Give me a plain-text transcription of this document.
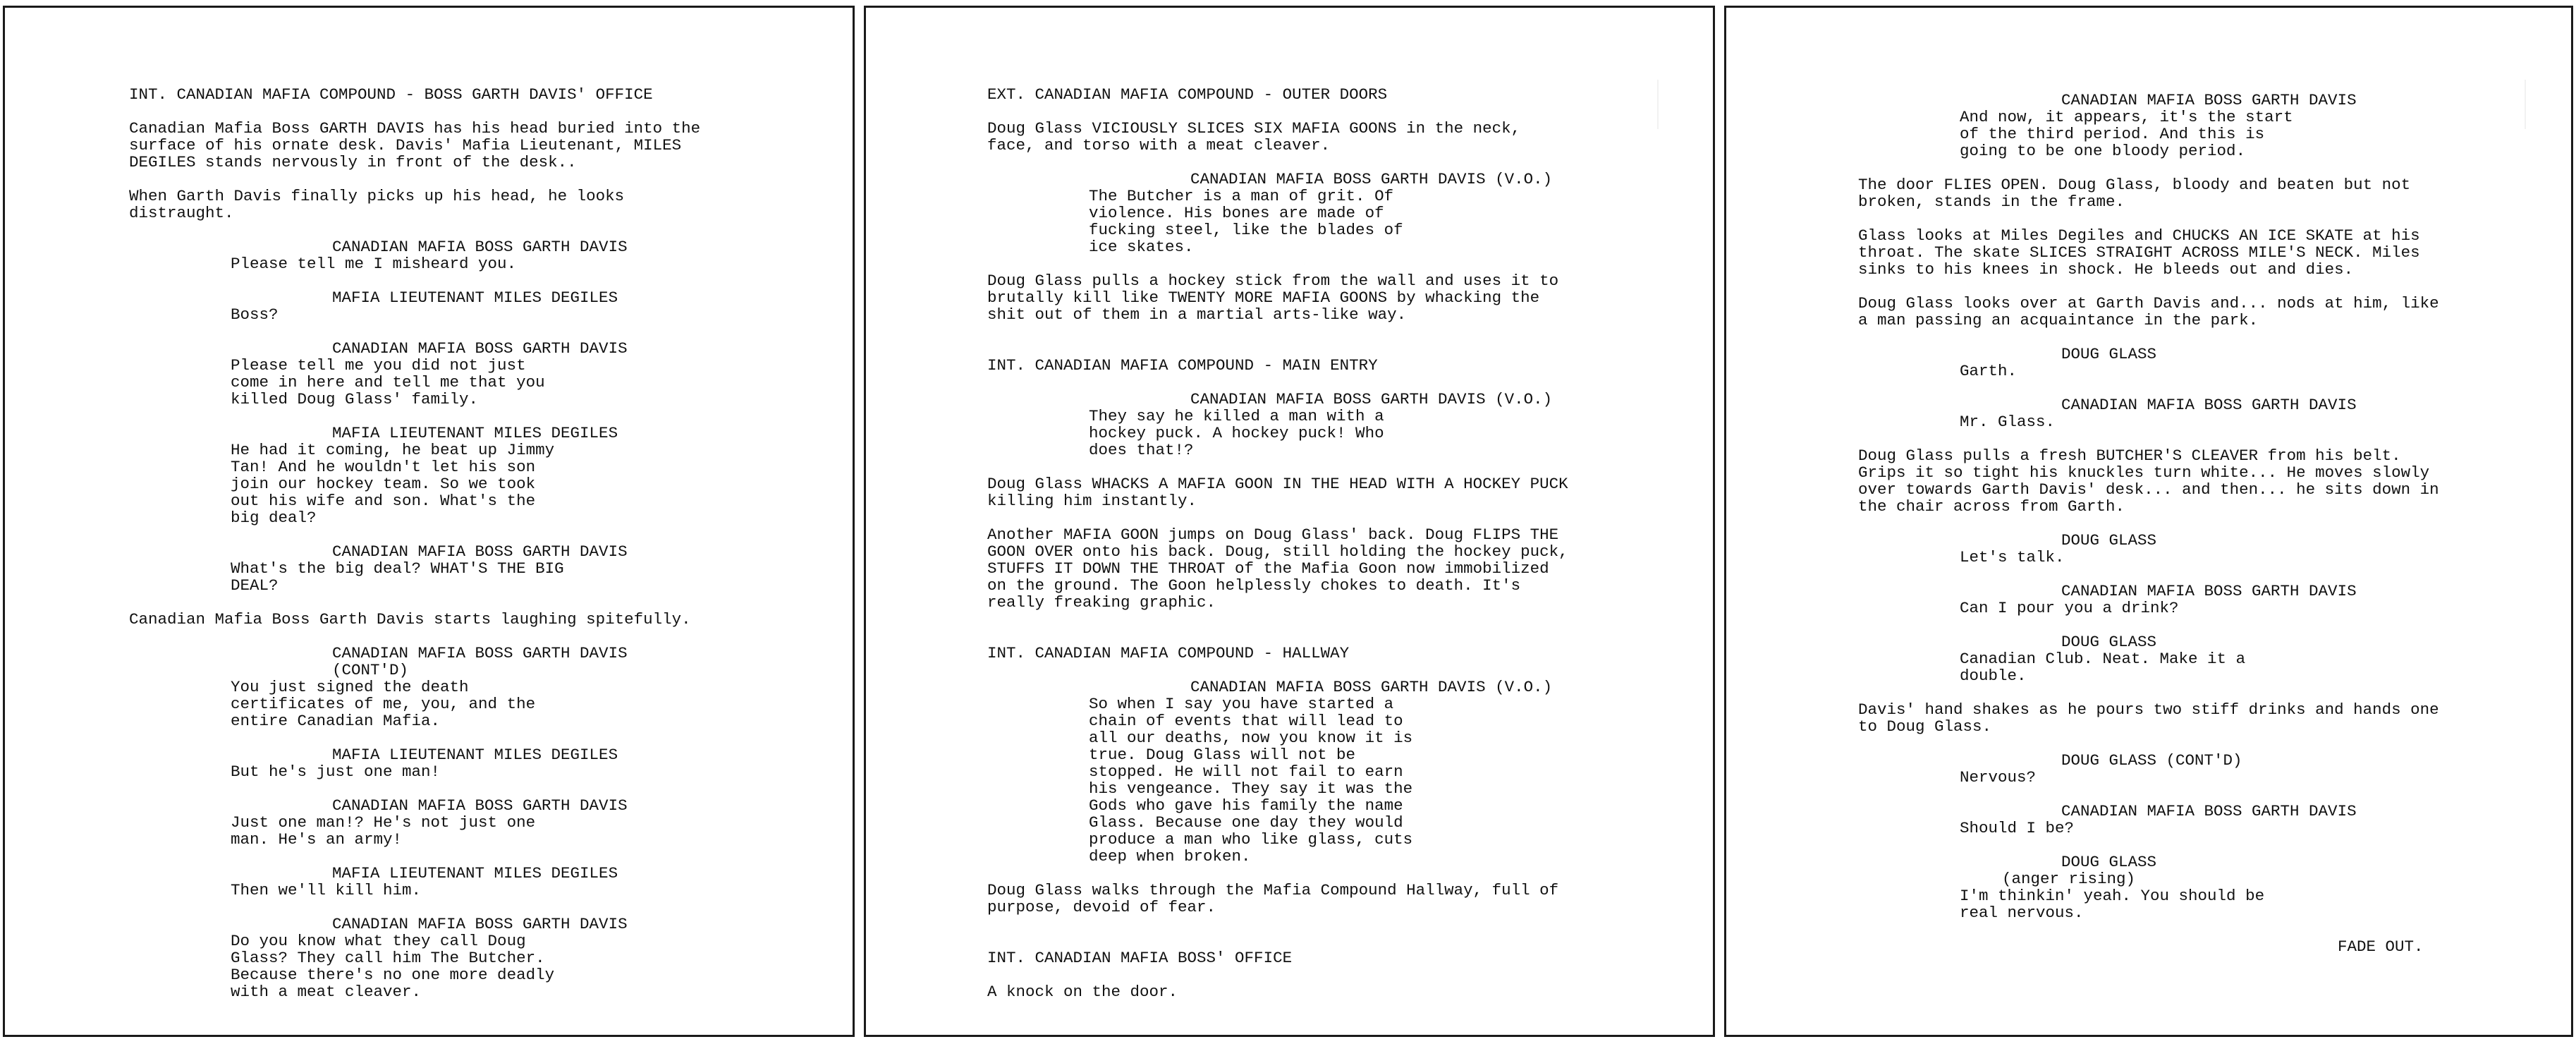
INT. CANADIAN MAFIA COMPOUND - BOSS GARTH DAVIS' OFFICE
Canadian Mafia Boss GARTH DAVIS has his head buried into the
surface of his ornate desk. Davis' Mafia Lieutenant, MILES
DEGILES stands nervously in front of the desk..
When Garth Davis finally picks up his head, he looks
distraught.
CANADIAN MAFIA BOSS GARTH DAVIS
Please tell me I misheard you.
MAFIA LIEUTENANT MILES DEGILES
Boss?
CANADIAN MAFIA BOSS GARTH DAVIS
Please tell me you did not just
come in here and tell me that you
killed Doug Glass' family.
MAFIA LIEUTENANT MILES DEGILES
He had it coming, he beat up Jimmy
Tan! And he wouldn't let his son
join our hockey team. So we took
out his wife and son. What's the
big deal?
CANADIAN MAFIA BOSS GARTH DAVIS
What's the big deal? WHAT'S THE BIG
DEAL?
Canadian Mafia Boss Garth Davis starts laughing spitefully.
CANADIAN MAFIA BOSS GARTH DAVIS
(CONT'D)
You just signed the death
certificates of me, you, and the
entire Canadian Mafia.
MAFIA LIEUTENANT MILES DEGILES
But he's just one man!
CANADIAN MAFIA BOSS GARTH DAVIS
Just one man!? He's not just one
man. He's an army!
MAFIA LIEUTENANT MILES DEGILES
Then we'll kill him.
CANADIAN MAFIA BOSS GARTH DAVIS
Do you know what they call Doug
Glass? They call him The Butcher.
Because there's no one more deadly
with a meat cleaver.
EXT. CANADIAN MAFIA COMPOUND - OUTER DOORS
Doug Glass VICIOUSLY SLICES SIX MAFIA GOONS in the neck,
face, and torso with a meat cleaver.
CANADIAN MAFIA BOSS GARTH DAVIS (V.O.)
The Butcher is a man of grit. Of
violence. His bones are made of
fucking steel, like the blades of
ice skates.
Doug Glass pulls a hockey stick from the wall and uses it to
brutally kill like TWENTY MORE MAFIA GOONS by whacking the
shit out of them in a martial arts-like way.
INT. CANADIAN MAFIA COMPOUND - MAIN ENTRY
CANADIAN MAFIA BOSS GARTH DAVIS (V.O.)
They say he killed a man with a
hockey puck. A hockey puck! Who
does that!?
Doug Glass WHACKS A MAFIA GOON IN THE HEAD WITH A HOCKEY PUCK
killing him instantly.
Another MAFIA GOON jumps on Doug Glass' back. Doug FLIPS THE
GOON OVER onto his back. Doug, still holding the hockey puck,
STUFFS IT DOWN THE THROAT of the Mafia Goon now immobilized
on the ground. The Goon helplessly chokes to death. It's
really freaking graphic.
INT. CANADIAN MAFIA COMPOUND - HALLWAY
CANADIAN MAFIA BOSS GARTH DAVIS (V.O.)
So when I say you have started a
chain of events that will lead to
all our deaths, now you know it is
true. Doug Glass will not be
stopped. He will not fail to earn
his vengeance. They say it was the
Gods who gave his family the name
Glass. Because one day they would
produce a man who like glass, cuts
deep when broken.
Doug Glass walks through the Mafia Compound Hallway, full of
purpose, devoid of fear.
INT. CANADIAN MAFIA BOSS' OFFICE
A knock on the door.
CANADIAN MAFIA BOSS GARTH DAVIS
And now, it appears, it's the start
of the third period. And this is
going to be one bloody period.
The door FLIES OPEN. Doug Glass, bloody and beaten but not
broken, stands in the frame.
Glass looks at Miles Degiles and CHUCKS AN ICE SKATE at his
throat. The skate SLICES STRAIGHT ACROSS MILE'S NECK. Miles
sinks to his knees in shock. He bleeds out and dies.
Doug Glass looks over at Garth Davis and... nods at him, like
a man passing an acquaintance in the park.
DOUG GLASS
Garth.
CANADIAN MAFIA BOSS GARTH DAVIS
Mr. Glass.
Doug Glass pulls a fresh BUTCHER'S CLEAVER from his belt.
Grips it so tight his knuckles turn white... He moves slowly
over towards Garth Davis' desk... and then... he sits down in
the chair across from Garth.
DOUG GLASS
Let's talk.
CANADIAN MAFIA BOSS GARTH DAVIS
Can I pour you a drink?
DOUG GLASS
Canadian Club. Neat. Make it a
double.
Davis' hand shakes as he pours two stiff drinks and hands one
to Doug Glass.
DOUG GLASS (CONT'D)
Nervous?
CANADIAN MAFIA BOSS GARTH DAVIS
Should I be?
DOUG GLASS
(anger rising)
I'm thinkin' yeah. You should be
real nervous.
FADE OUT.
